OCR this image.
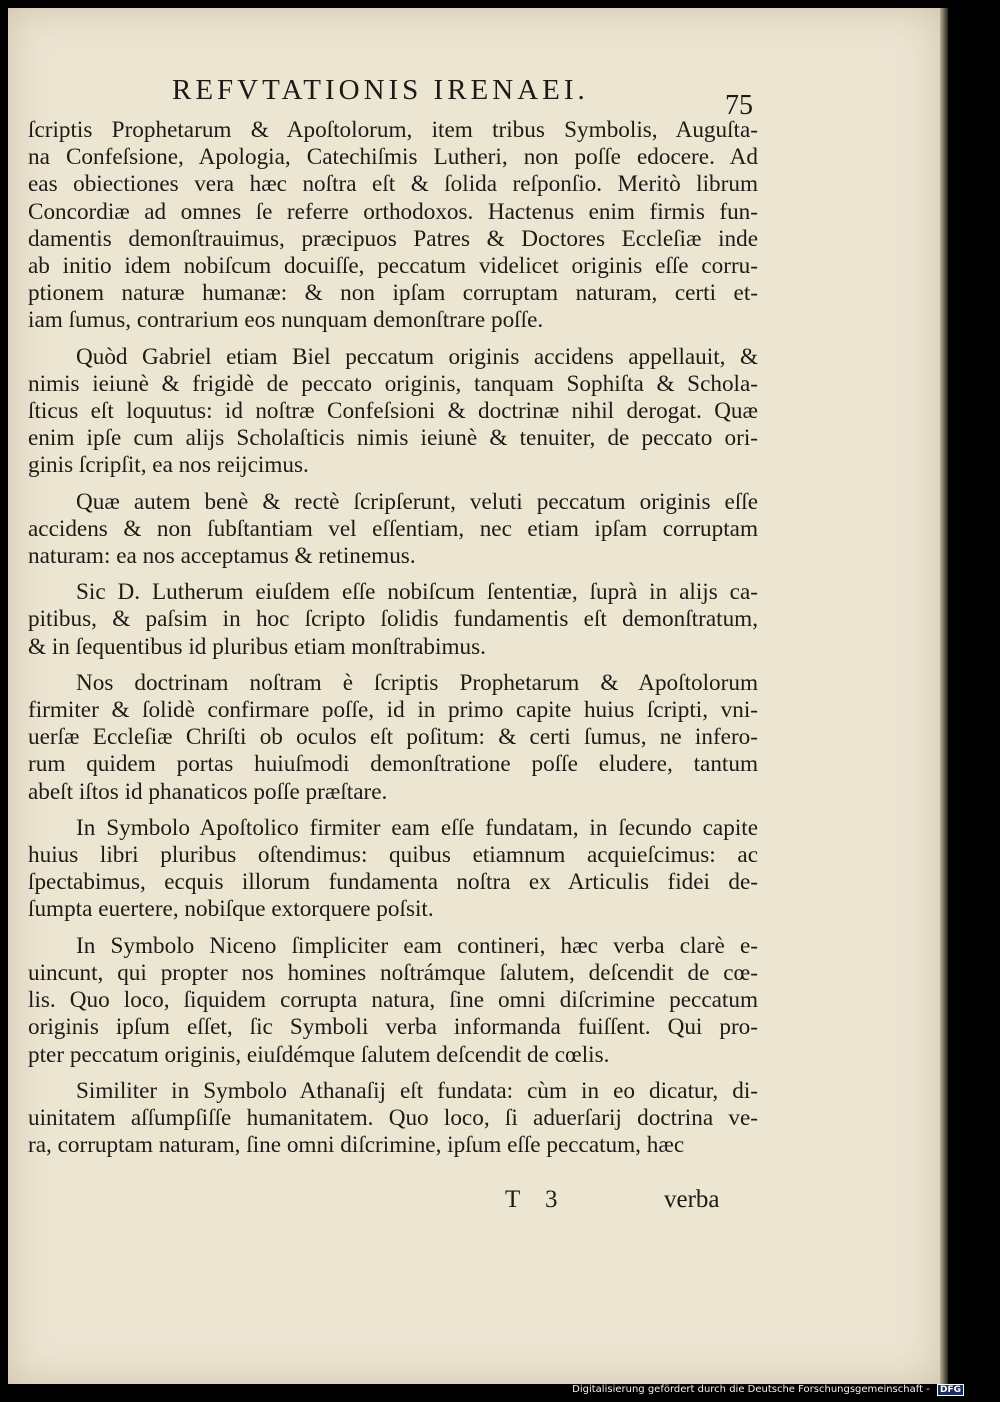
REFVTATIONIS IRENAEI.	75

ſcriptis Prophetarum & Apoſtolorum, item tribus Symbolis, Auguſta-

na Confeſsione, Apologia, Catechiſmis Lutheri, non poſſe edocere. Ad

eas obiectiones vera hæc noſtra eſt & ſolida reſponſio. Meritò librum

Concordiæ ad omnes ſe referre orthodoxos. Hactenus enim firmis fun-

damentis demonſtrauimus, præcipuos Patres & Doctores Eccleſiæ inde

ab initio idem nobiſcum docuiſſe, peccatum videlicet originis eſſe corru-

ptionem naturæ humanæ: & non ipſam corruptam naturam, certi et-

iam ſumus, contrarium eos nunquam demonſtrare poſſe.

Quòd Gabriel etiam Biel peccatum originis accidens appellauit, &

nimis ieiunè & frigidè de peccato originis, tanquam Sophiſta & Schola-

ſticus eſt loquutus: id noſtræ Confeſsioni & doctrinæ nihil derogat. Quæ

enim ipſe cum alijs Scholaſticis nimis ieiunè & tenuiter, de peccato ori-

ginis ſcripſit, ea nos reijcimus.

Quæ autem benè & rectè ſcripſerunt, veluti peccatum originis eſſe

accidens & non ſubſtantiam vel eſſentiam, nec etiam ipſam corruptam

naturam: ea nos acceptamus & retinemus.

Sic D. Lutherum eiuſdem eſſe nobiſcum ſententiæ, ſuprà in alijs ca-

pitibus, & paſsim in hoc ſcripto ſolidis fundamentis eſt demonſtratum,

& in ſequentibus id pluribus etiam monſtrabimus.

Nos doctrinam noſtram è ſcriptis Prophetarum & Apoſtolorum

firmiter & ſolidè confirmare poſſe, id in primo capite huius ſcripti, vni-

uerſæ Eccleſiæ Chriſti ob oculos eſt poſitum: & certi ſumus, ne infero-

rum quidem portas huiuſmodi demonſtratione poſſe eludere, tantum

abeſt iſtos id phanaticos poſſe præſtare.

In Symbolo Apoſtolico firmiter eam eſſe fundatam, in ſecundo capite

huius libri pluribus oſtendimus: quibus etiamnum acquieſcimus: ac

ſpectabimus, ecquis illorum fundamenta noſtra ex Articulis fidei de-

ſumpta euertere, nobiſque extorquere poſsit.

In Symbolo Niceno ſimpliciter eam contineri, hæc verba clarè e-

uincunt, qui propter nos homines noſtrámque ſalutem, deſcendit de cœ-

lis. Quo loco, ſiquidem corrupta natura, ſine omni diſcrimine peccatum

originis ipſum eſſet, ſic Symboli verba informanda fuiſſent. Qui pro-

pter peccatum originis, eiuſdémque ſalutem deſcendit de cœlis.

Similiter in Symbolo Athanaſij eſt fundata: cùm in eo dicatur, di-

uinitatem aſſumpſiſſe humanitatem. Quo loco, ſi aduerſarij doctrina ve-

ra, corruptam naturam, ſine omni diſcrimine, ipſum eſſe peccatum, hæc

T 3	verba
Digitalisierung gefördert durch die Deutsche Forschungsgemeinschaft - DFG
